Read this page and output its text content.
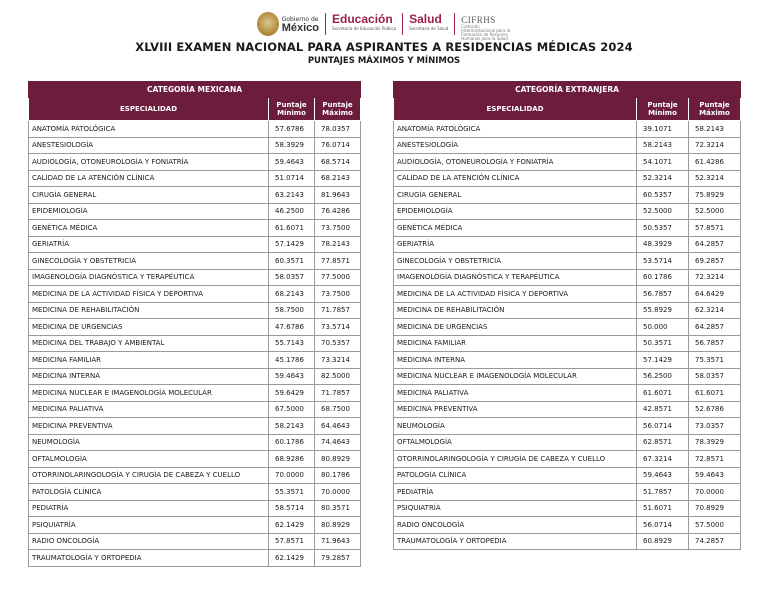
Gobierno de
México
Educación
Secretaría de Educación Pública
Salud
Secretaría de Salud
CIFRHS
Comisión Interinstitucional para la Formación de Recursos Humanos para la Salud
XLVIII EXAMEN NACIONAL PARA ASPIRANTES A RESIDENCIAS MÉDICAS 2024
PUNTAJES MÁXIMOS Y MÍNIMOS
CATEGORÍA MEXICANA		
ESPECIALIDAD	Puntaje Mínimo	Puntaje Máximo
ANATOMÍA PATOLÓGICA	57.6786	78.0357
ANESTESIOLOGÍA	58.3929	76.0714
AUDIOLOGÍA, OTONEUROLOGÍA Y FONIATRÍA	59.4643	68.5714
CALIDAD DE LA ATENCIÓN CLÍNICA	51.0714	68.2143
CIRUGÍA GENERAL	63.2143	81.9643
EPIDEMIOLOGÍA	46.2500	76.4286
GENÉTICA MÉDICA	61.6071	73.7500
GERIATRÍA	57.1429	78.2143
GINECOLOGÍA Y OBSTETRICIA	60.3571	77.8571
IMAGENOLOGÍA DIAGNÓSTICA Y TERAPÉUTICA	58.0357	77.5000
MEDICINA DE LA ACTIVIDAD FÍSICA Y DEPORTIVA	68.2143	73.7500
MEDICINA DE REHABILITACIÓN	58.7500	71.7857
MEDICINA DE URGENCIAS	47.6786	73.5714
MEDICINA DEL TRABAJO Y AMBIENTAL	55.7143	70.5357
MEDICINA FAMILIAR	45.1786	73.3214
MEDICINA INTERNA	59.4643	82.5000
MEDICINA NUCLEAR E IMAGENOLOGÍA MOLECULAR	59.6429	71.7857
MEDICINA PALIATIVA	67.5000	68.7500
MEDICINA PREVENTIVA	58.2143	64.4643
NEUMOLOGÍA	60.1786	74.4643
OFTALMOLOGÍA	68.9286	80.8929
OTORRINOLARINGOLOGÍA Y CIRUGÍA DE CABEZA Y CUELLO	70.0000	80.1786
PATOLOGÍA CLÍNICA	55.3571	70.0000
PEDIATRÍA	58.5714	80.3571
PSIQUIATRÍA	62.1429	80.8929
RADIO ONCOLOGÍA	57.8571	71.9643
TRAUMATOLOGÍA Y ORTOPEDIA	62.1429	79.2857
CATEGORÍA EXTRANJERA		
ESPECIALIDAD	Puntaje Mínimo	Puntaje Máximo
ANATOMÍA PATOLÓGICA	39.1071	58.2143
ANESTESIOLOGÍA	58.2143	72.3214
AUDIOLOGÍA, OTONEUROLOGÍA Y FONIATRÍA	54.1071	61.4286
CALIDAD DE LA ATENCIÓN CLÍNICA	52.3214	52.3214
CIRUGÍA GENERAL	60.5357	75.8929
EPIDEMIOLOGÍA	52.5000	52.5000
GENÉTICA MÉDICA	50.5357	57.8571
GERIATRÍA	48.3929	64.2857
GINECOLOGÍA Y OBSTETRICIA	53.5714	69.2857
IMAGENOLOGÍA DIAGNÓSTICA Y TERAPÉUTICA	60.1786	72.3214
MEDICINA DE LA ACTIVIDAD FÍSICA Y DEPORTIVA	56.7857	64.6429
MEDICINA DE REHABILITACIÓN	55.8929	62.3214
MEDICINA DE URGENCIAS	50.000	64.2857
MEDICINA FAMILIAR	50.3571	56.7857
MEDICINA INTERNA	57.1429	75.3571
MEDICINA NUCLEAR E IMAGENOLOGÍA MOLECULAR	56.2500	58.0357
MEDICINA PALIATIVA	61.6071	61.6071
MEDICINA PREVENTIVA	42.8571	52.6786
NEUMOLOGÍA	56.0714	73.0357
OFTALMOLOGÍA	62.8571	78.3929
OTORRINOLARINGOLOGÍA Y CIRUGÍA DE CABEZA Y CUELLO	67.3214	72.8571
PATOLOGÍA CLÍNICA	59.4643	59.4643
PEDIATRÍA	51.7857	70.0000
PSIQUIATRÍA	51.6071	70.8929
RADIO ONCOLOGÍA	56.0714	57.5000
TRAUMATOLOGÍA Y ORTOPEDIA	60.8929	74.2857
